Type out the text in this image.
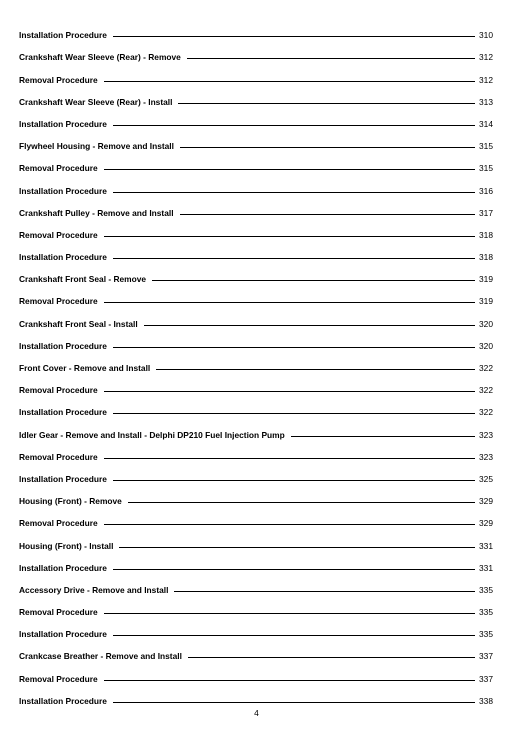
Installation Procedure	310
Crankshaft Wear Sleeve (Rear) - Remove	312
Removal Procedure	312
Crankshaft Wear Sleeve (Rear) - Install	313
Installation Procedure	314
Flywheel Housing - Remove and Install	315
Removal Procedure	315
Installation Procedure	316
Crankshaft Pulley - Remove and Install	317
Removal Procedure	318
Installation Procedure	318
Crankshaft Front Seal - Remove	319
Removal Procedure	319
Crankshaft Front Seal - Install	320
Installation Procedure	320
Front Cover - Remove and Install	322
Removal Procedure	322
Installation Procedure	322
Idler Gear - Remove and Install - Delphi DP210 Fuel Injection Pump	323
Removal Procedure	323
Installation Procedure	325
Housing (Front) - Remove	329
Removal Procedure	329
Housing (Front) - Install	331
Installation Procedure	331
Accessory Drive - Remove and Install	335
Removal Procedure	335
Installation Procedure	335
Crankcase Breather - Remove and Install	337
Removal Procedure	337
Installation Procedure	338
4
